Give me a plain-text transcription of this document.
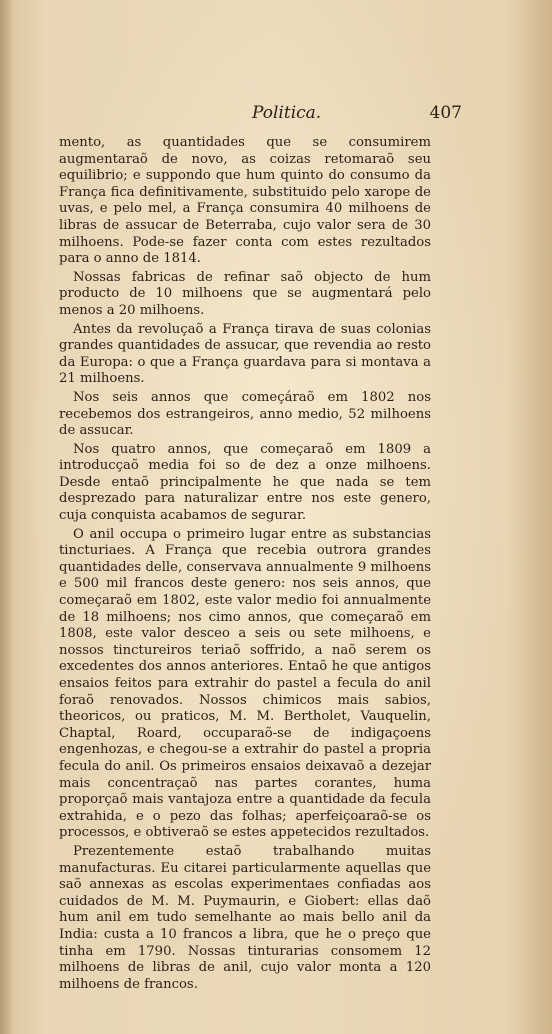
Politica.	407

mento, as quantidades que se consumirem augmentaraõ de novo, as coizas retomaraõ seu equilibrio; e suppondo que hum quinto do consumo da França fica definitivamente, substituido pelo xarope de uvas, e pelo mel, a França consumira 40 milhoens de libras de assucar de Beterraba, cujo valor sera de 30 milhoens. Pode-se fazer conta com estes rezultados para o anno de 1814.

Nossas fabricas de refinar saõ objecto de hum producto de 10 milhoens que se augmentará pelo menos a 20 milhoens.

Antes da revoluçaõ a França tirava de suas colonias grandes quantidades de assucar, que revendia ao resto da Europa: o que a França guardava para si montava a 21 milhoens.

Nos seis annos que começáraõ em 1802 nos recebemos dos estrangeiros, anno medio, 52 milhoens de assucar.

Nos quatro annos, que começaraõ em 1809 a introducçaõ media foi so de dez a onze milhoens. Desde entaõ principalmente he que nada se tem desprezado para naturalizar entre nos este genero, cuja conquista acabamos de segurar.

O anil occupa o primeiro lugar entre as substancias tincturiaes. A França que recebia outrora grandes quantidades delle, conservava annualmente 9 milhoens e 500 mil francos deste genero: nos seis annos, que começaraõ em 1802, este valor medio foi annualmente de 18 milhoens; nos cimo annos, que começaraõ em 1808, este valor desceo a seis ou sete milhoens, e nossos tinctureiros teriaõ soffrido, a naõ serem os excedentes dos annos anteriores. Entaõ he que antigos ensaios feitos para extrahir do pastel a fecula do anil foraõ renovados. Nossos chimicos mais sabios, theoricos, ou praticos, M. M. Bertholet, Vauquelin, Chaptal, Roard, occuparaõ-se de indigaçoens engenhozas, e chegou-se a extrahir do pastel a propria fecula do anil. Os primeiros ensaios deixavaõ a dezejar mais concentraçaõ nas partes corantes, huma proporçaõ mais vantajoza entre a quantidade da fecula extrahida, e o pezo das folhas; aperfeiçoaraõ-se os processos, e obtiveraõ se estes appetecidos rezultados.

Prezentemente estaõ trabalhando muitas manufacturas. Eu citarei particularmente aquellas que saõ annexas as escolas experimentaes confiadas aos cuidados de M. M. Puymaurin, e Giobert: ellas daõ hum anil em tudo semelhante ao mais bello anil da India: custa a 10 francos a libra, que he o preço que tinha em 1790. Nossas tinturarias consomem 12 milhoens de libras de anil, cujo valor monta a 120 milhoens de francos.
